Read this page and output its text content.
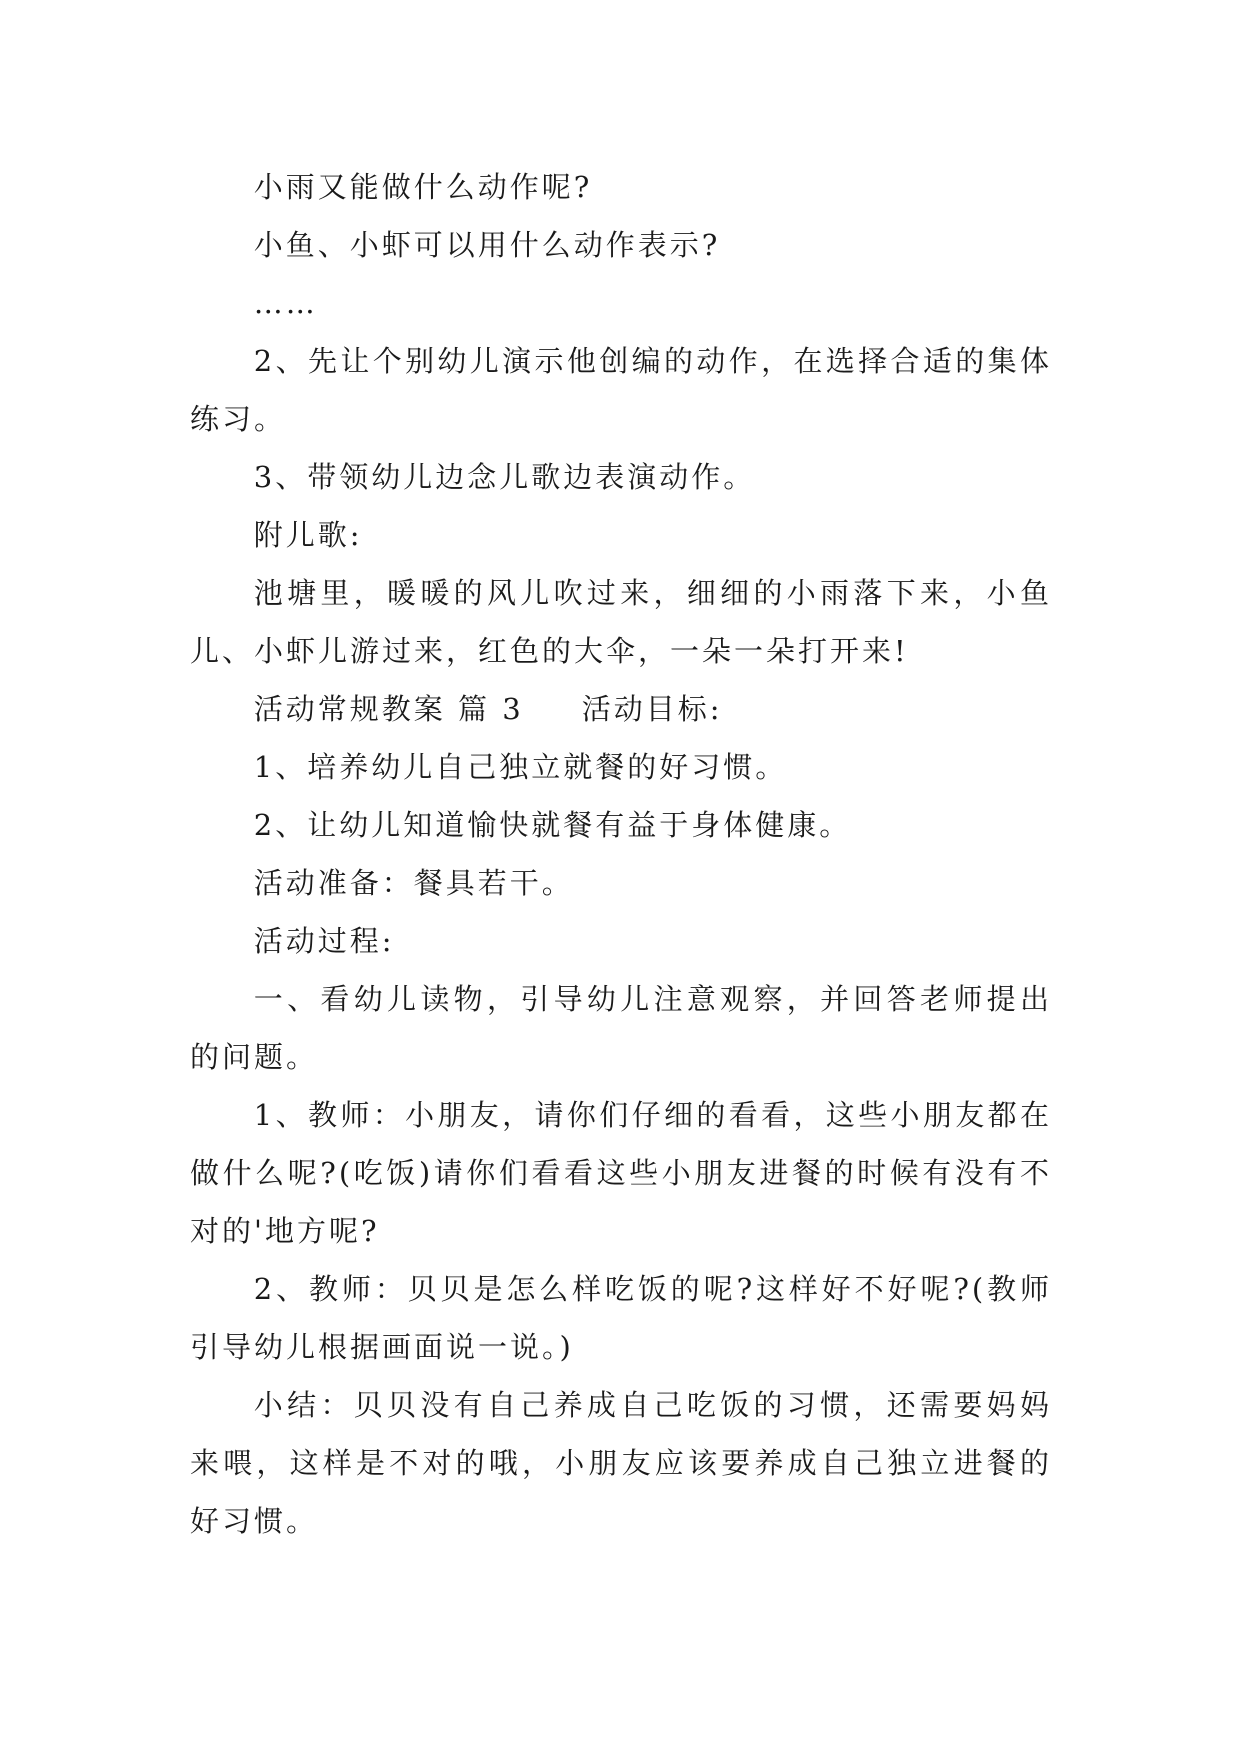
小雨又能做什么动作呢?

小鱼、小虾可以用什么动作表示?

……

2、先让个别幼儿演示他创编的动作，在选择合适的集体练习。

3、带领幼儿边念儿歌边表演动作。

附儿歌:

池塘里，暖暖的风儿吹过来，细细的小雨落下来，小鱼儿、小虾儿游过来，红色的大伞，一朵一朵打开来!

活动常规教案 篇 3 活动目标:

1、培养幼儿自己独立就餐的好习惯。

2、让幼儿知道愉快就餐有益于身体健康。

活动准备：餐具若干。

活动过程:

一、看幼儿读物，引导幼儿注意观察，并回答老师提出的问题。

1、教师：小朋友，请你们仔细的看看，这些小朋友都在做什么呢?(吃饭)请你们看看这些小朋友进餐的时候有没有不对的'地方呢?

2、教师：贝贝是怎么样吃饭的呢?这样好不好呢?(教师引导幼儿根据画面说一说。)

小结：贝贝没有自己养成自己吃饭的习惯，还需要妈妈来喂，这样是不对的哦，小朋友应该要养成自己独立进餐的好习惯。
